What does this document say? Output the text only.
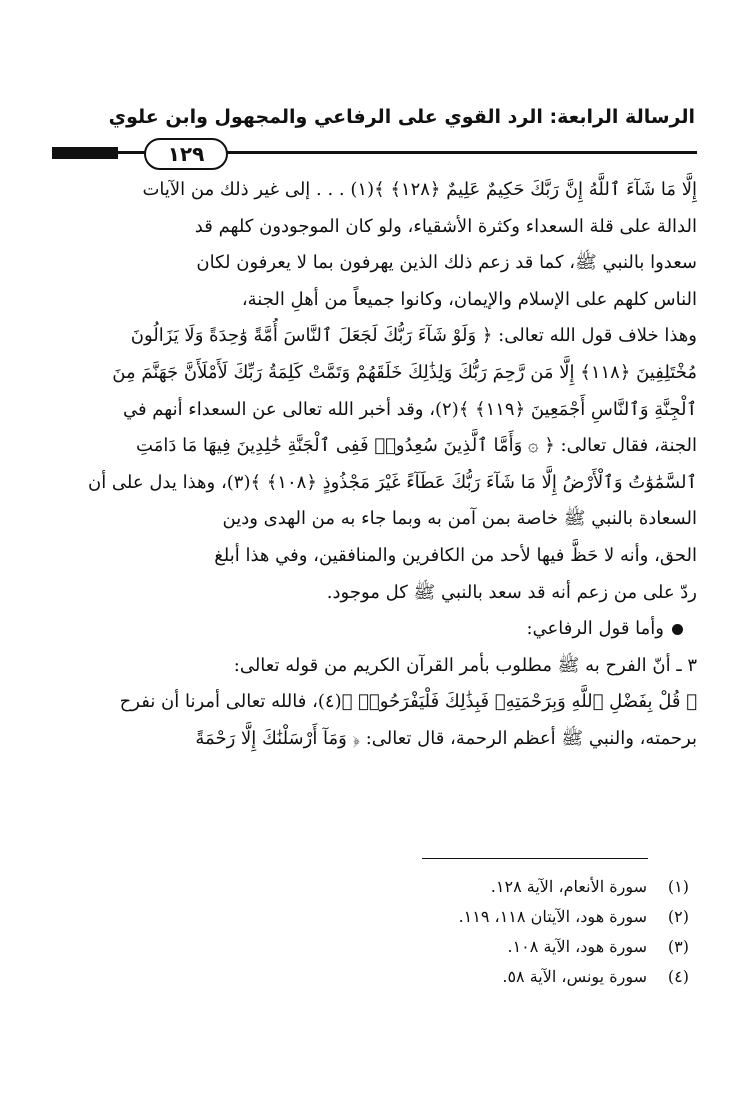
الرسالة الرابعة: الرد القوي على الرفاعي والمجهول وابن علوي
١٢٩
إِلَّا مَا شَآءَ ٱللَّهُ إِنَّ رَبَّكَ حَكِيمٌ عَلِيمٌ ﴿١٢٨﴾ ﴾(١) . . . إلى غير ذلك من الآيات
الدالة على قلة السعداء وكثرة الأشقياء، ولو كان الموجودون كلهم قد
سعدوا بالنبي ﷺ، كما قد زعم ذلك الذين يهرفون بما لا يعرفون لكان
الناس كلهم على الإسلام والإيمان، وكانوا جميعاً من أهلِ الجنة،
وهذا خلاف قول الله تعالى: ﴿ وَلَوْ شَآءَ رَبُّكَ لَجَعَلَ ٱلنَّاسَ أُمَّةً وَٰحِدَةً وَلَا يَزَالُونَ
مُخْتَلِفِينَ ﴿١١٨﴾ إِلَّا مَن رَّحِمَ رَبُّكَ وَلِذَٰلِكَ خَلَقَهُمْ وَتَمَّتْ كَلِمَةُ رَبِّكَ لَأَمْلَأَنَّ جَهَنَّمَ مِنَ
ٱلْجِنَّةِ وَٱلنَّاسِ أَجْمَعِينَ ﴿١١٩﴾ ﴾(٢)، وقد أخبر الله تعالى عن السعداء أنهم في
الجنة، فقال تعالى: ﴿ ۞ وَأَمَّا ٱلَّذِينَ سُعِدُوا۟ فَفِى ٱلْجَنَّةِ خَٰلِدِينَ فِيهَا مَا دَامَتِ
ٱلسَّمَٰوَٰتُ وَٱلْأَرْضُ إِلَّا مَا شَآءَ رَبُّكَ عَطَآءً غَيْرَ مَجْذُوذٍ ﴿١٠٨﴾ ﴾(٣)، وهذا يدل على أن
السعادة بالنبي ﷺ خاصة بمن آمن به وبما جاء به من الهدى ودين
الحق، وأنه لا حَظَّ فيها لأحد من الكافرين والمنافقين، وفي هذا أبلغ
ردّ على من زعم أنه قد سعد بالنبي ﷺ كل موجود.
وأما قول الرفاعي:
٣ ـ أنّ الفرح به ﷺ مطلوب بأمر القرآن الكريم من قوله تعالى:
﴿ قُلْ بِفَضْلِ ٱللَّهِ وَبِرَحْمَتِهِۦ فَبِذَٰلِكَ فَلْيَفْرَحُوا۟ ﴾(٤)، فالله تعالى أمرنا أن نفرح
برحمته، والنبي ﷺ أعظم الرحمة، قال تعالى: ﴿ وَمَآ أَرْسَلْنَٰكَ إِلَّا رَحْمَةً
(١)سورة الأنعام، الآية ١٢٨.
(٢)سورة هود، الآيتان ١١٨، ١١٩.
(٣)سورة هود، الآية ١٠٨.
(٤)سورة يونس، الآية ٥٨.
